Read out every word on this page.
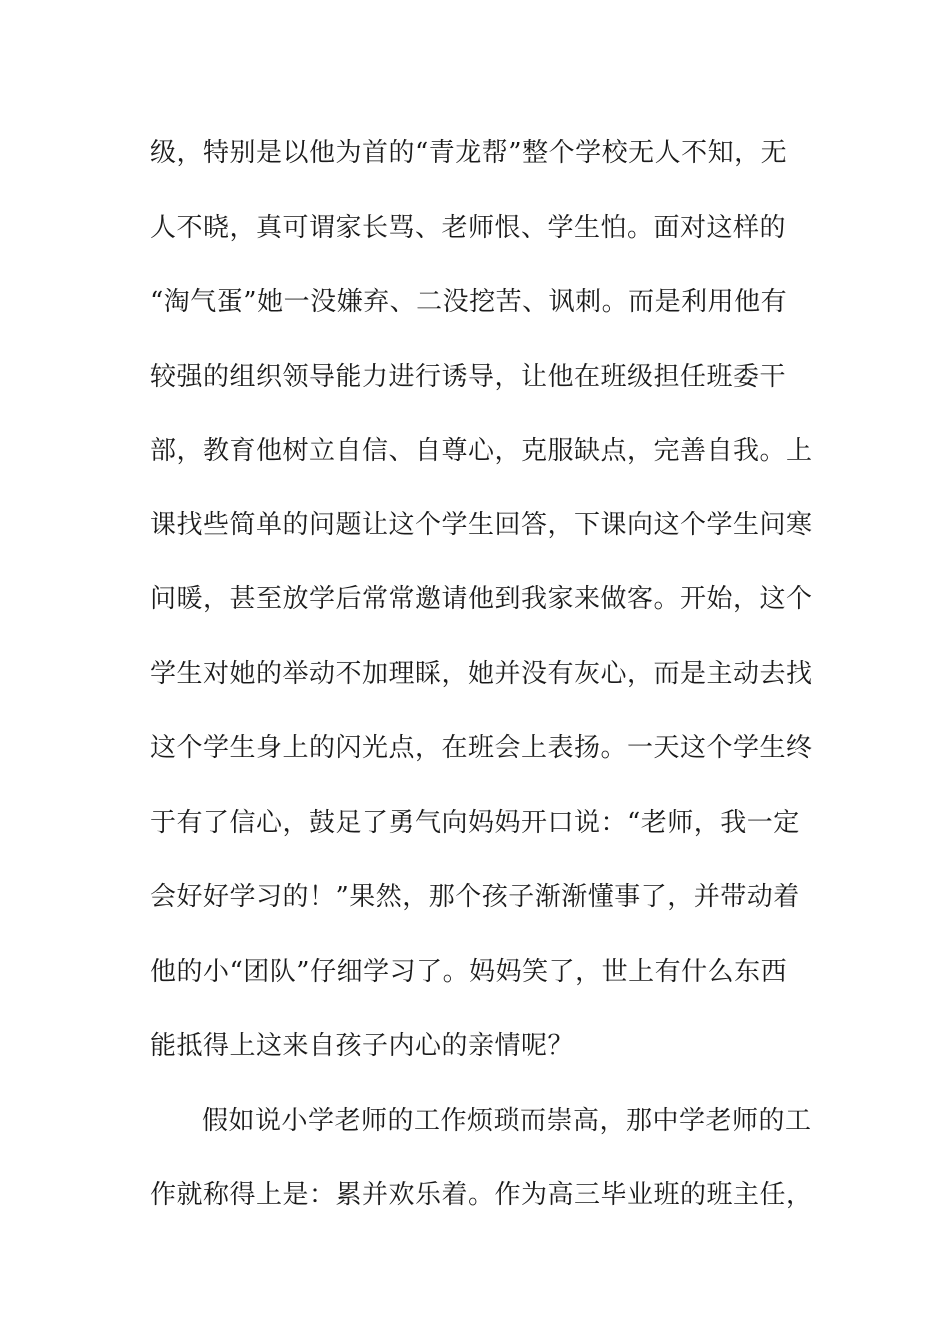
级，特别是以他为首的“青龙帮”整个学校无人不知，无
人不晓，真可谓家长骂、老师恨、学生怕。面对这样的
“淘气蛋”她一没嫌弃、二没挖苦、讽刺。而是利用他有
较强的组织领导能力进行诱导，让他在班级担任班委干
部，教育他树立自信、自尊心，克服缺点，完善自我。上
课找些简单的问题让这个学生回答，下课向这个学生问寒
问暖，甚至放学后常常邀请他到我家来做客。开始，这个
学生对她的举动不加理睬，她并没有灰心，而是主动去找
这个学生身上的闪光点，在班会上表扬。一天这个学生终
于有了信心，鼓足了勇气向妈妈开口说：“老师，我一定
会好好学习的！”果然，那个孩子渐渐懂事了，并带动着
他的小“团队”仔细学习了。妈妈笑了，世上有什么东西
能抵得上这来自孩子内心的亲情呢？
假如说小学老师的工作烦琐而崇高，那中学老师的工
作就称得上是：累并欢乐着。作为高三毕业班的班主任，
